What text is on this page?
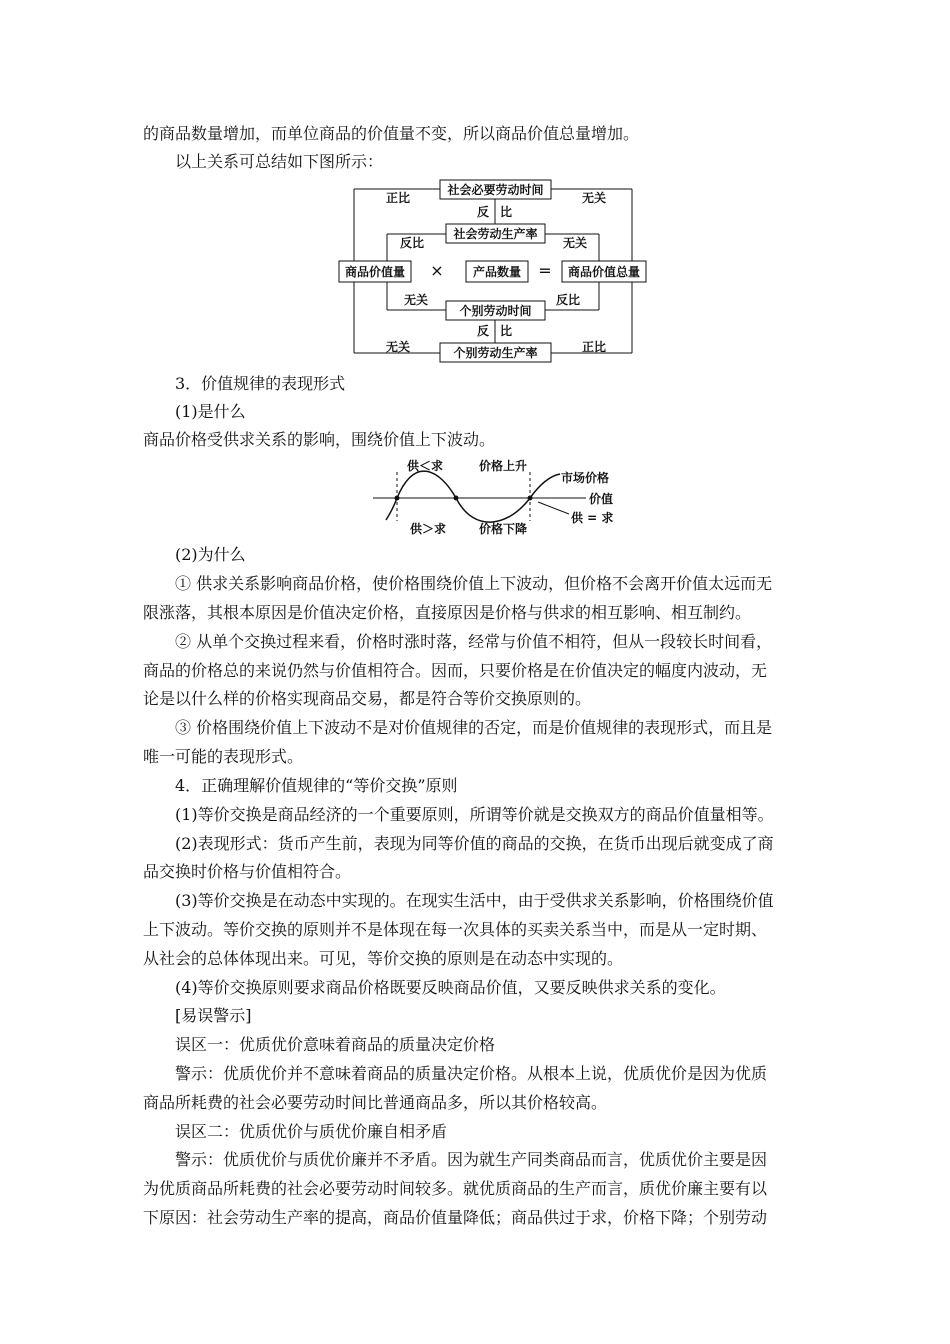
的商品数量增加，而单位商品的价值量不变，所以商品价值总量增加。
以上关系可总结如下图所示：
社会必要劳动时间
社会劳动生产率
商品价值量	产品数量	商品价值总量
个别劳动时间
个别劳动生产率
正比	无关
反 比
反比	无关
无关	反比
反 比
无关	正比
×	=
3．价值规律的表现形式
(1)是什么
商品价格受供求关系的影响，围绕价值上下波动。
供＜求	价格上升
市场价格
价值
供＞求	价格下降
供 = 求
(2)为什么
① 供求关系影响商品价格，使价格围绕价值上下波动，但价格不会离开价值太远而无
限涨落，其根本原因是价值决定价格，直接原因是价格与供求的相互影响、相互制约。
② 从单个交换过程来看，价格时涨时落，经常与价值不相符，但从一段较长时间看，
商品的价格总的来说仍然与价值相符合。因而，只要价格是在价值决定的幅度内波动，无
论是以什么样的价格实现商品交易，都是符合等价交换原则的。
③ 价格围绕价值上下波动不是对价值规律的否定，而是价值规律的表现形式，而且是
唯一可能的表现形式。
4．正确理解价值规律的“等价交换”原则
(1)等价交换是商品经济的一个重要原则，所谓等价就是交换双方的商品价值量相等。
(2)表现形式：货币产生前，表现为同等价值的商品的交换，在货币出现后就变成了商
品交换时价格与价值相符合。
(3)等价交换是在动态中实现的。在现实生活中，由于受供求关系影响，价格围绕价值
上下波动。等价交换的原则并不是体现在每一次具体的买卖关系当中，而是从一定时期、
从社会的总体体现出来。可见，等价交换的原则是在动态中实现的。
(4)等价交换原则要求商品价格既要反映商品价值，又要反映供求关系的变化。
[易误警示]
误区一：优质优价意味着商品的质量决定价格
警示：优质优价并不意味着商品的质量决定价格。从根本上说，优质优价是因为优质
商品所耗费的社会必要劳动时间比普通商品多，所以其价格较高。
误区二：优质优价与质优价廉自相矛盾
警示：优质优价与质优价廉并不矛盾。因为就生产同类商品而言，优质优价主要是因
为优质商品所耗费的社会必要劳动时间较多。就优质商品的生产而言，质优价廉主要有以
下原因：社会劳动生产率的提高，商品价值量降低；商品供过于求，价格下降；个别劳动
